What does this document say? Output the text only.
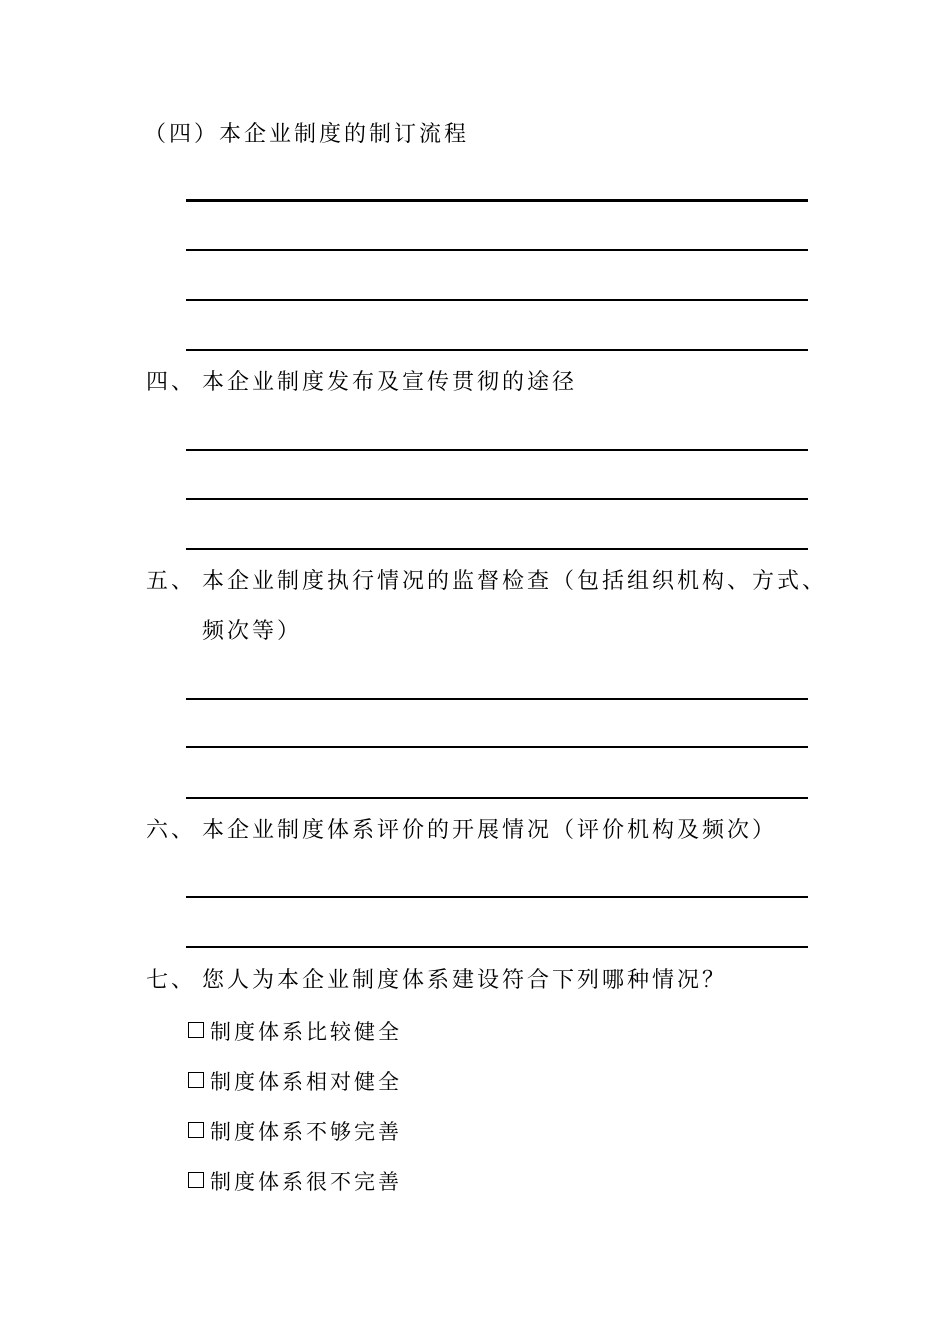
（四）本企业制度的制订流程
四、 本企业制度发布及宣传贯彻的途径
五、 本企业制度执行情况的监督检查（包括组织机构、方式、
频次等）
六、 本企业制度体系评价的开展情况（评价机构及频次）
七、 您人为本企业制度体系建设符合下列哪种情况？
制度体系比较健全
制度体系相对健全
制度体系不够完善
制度体系很不完善
